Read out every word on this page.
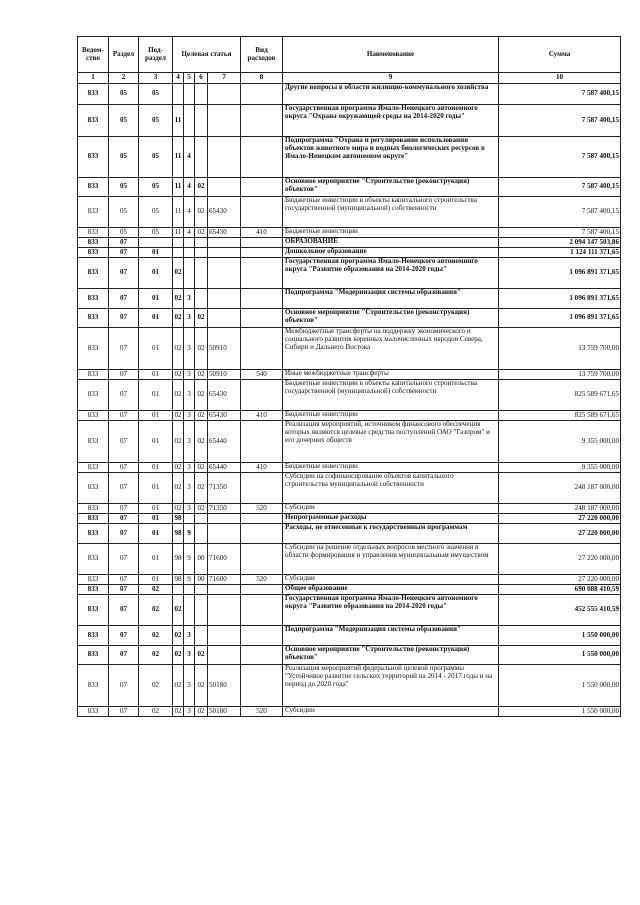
Ведом-ство	Раздел	Под-раздел	Целевая статья				Вид расходов	Наименование	Сумма
1	2	3	4	5	6	7	8	9	10
833	05	05						Другие вопросы в области жилищно-коммунального хозяйства	7 587 400,15
833	05	05	11					Государственная программа Ямало-Ненецкого автономного округа "Охрана окружающей среды на 2014-2020 годы"	7 587 400,15
833	05	05	11	4				Подпрограмма "Охрана и регулирование использования объектов животного мира и водных биологических ресурсов в Ямало-Ненецком автономном округе"	7 587 400,15
833	05	05	11	4	02			Основное мероприятие "Строительство (реконструкция) объектов"	7 587 400,15
833	05	05	11	4	02	65430		Бюджетные инвестиции в объекты капитального строительства государственной (муниципальной) собственности	7 587 400,15
833	05	05	11	4	02	65430	410	Бюджетные инвестиции	7 587 400,15
833	07							ОБРАЗОВАНИЕ	2 094 147 503,86
833	07	01						Дошкольное образование	1 124 111 371,65
833	07	01	02					Государственная программа Ямало-Ненецкого автономного округа "Развитие образования на 2014-2020 годы"	1 096 891 371,65
833	07	01	02	3				Подпрограмма "Модернизация системы образования"	1 096 891 371,65
833	07	01	02	3	02			Основное мероприятие "Строительство (реконструкция) объектов"	1 096 891 371,65
833	07	01	02	3	02	50910		Межбюджетные трансферты на поддержку экономического и социального развития коренных малочисленных народов Севера, Сибири и Дальнего Востока	13 759 700,00
833	07	01	02	3	02	50910	540	Иные межбюджетные трансферты	13 759 700,00
833	07	01	02	3	02	65430		Бюджетные инвестиции в объекты капитального строительства государственной (муниципальной) собственности	825 589 671,65
833	07	01	02	3	02	65430	410	Бюджетные инвестиции	825 589 671,65
833	07	01	02	3	02	65440		Реализация мероприятий, источником финансового обеспечения которых являются целевые средства поступлений ОАО "Газпром" и его дочерних обществ	9 355 000,00
833	07	01	02	3	02	65440	410	Бюджетные инвестиции	9 355 000,00
833	07	01	02	3	02	71350		Субсидии на софинансирование объектов капитального строительства муниципальной собственности	248 187 000,00
833	07	01	02	3	02	71350	520	Субсидии	248 187 000,00
833	07	01	98					Непрограммные расходы	27 220 000,00
833	07	01	98	9				Расходы, не отнесенные к государственным программам	27 220 000,00
833	07	01	98	9	00	71600		Субсидии на решение отдельных вопросов местного значения в области формирования и управления муниципальным имуществом	27 220 000,00
833	07	01	98	9	00	71600	520	Субсидии	27 220 000,00
833	07	02						Общее образование	690 088 410,59
833	07	02	02					Государственная программа Ямало-Ненецкого автономного округа "Развитие образования на 2014-2020 годы"	452 555 410,59
833	07	02	02	3				Подпрограмма "Модернизация системы образования"	1 550 000,00
833	07	02	02	3	02			Основное мероприятие "Строительство (реконструкция) объектов"	1 550 000,00
833	07	02	02	3	02	50180		Реализация мероприятий федеральной целевой программы "Устойчивое развитие сельских территорий на 2014 - 2017 годы и на период до 2020 года"	1 550 000,00
833	07	02	02	3	02	50180	520	Субсидии	1 550 000,00
